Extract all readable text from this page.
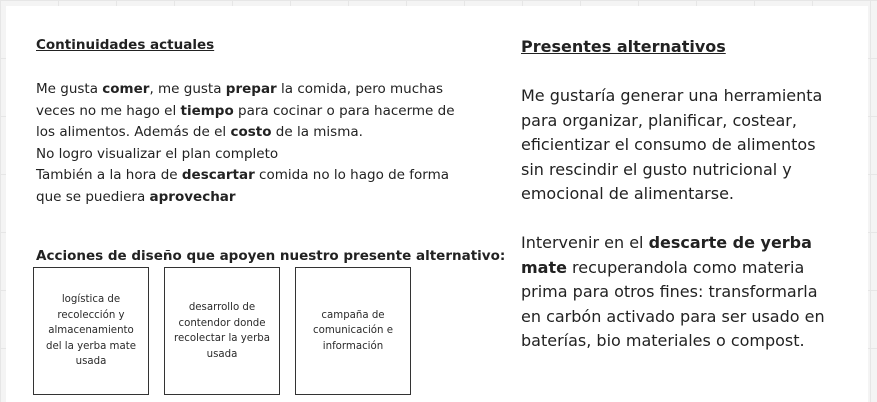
Continuidades actuales

Me gusta comer, me gusta prepar la comida, pero muchas

veces no me hago el tiempo para cocinar o para hacerme de

los alimentos. Además de el costo de la misma.

No logro visualizar el plan completo

También a la hora de descartar comida no lo hago de forma

que se puediera aprovechar

Acciones de diseño que apoyen nuestro presente alternativo:
logística de recolección y almacenamiento del la yerba mate usada
desarrollo de contendor donde recolectar la yerba usada
campaña de comunicación e información
Presentes alternativos

Me gustaría generar una herramienta

para organizar, planificar, costear,

eficientizar el consumo de alimentos

sin rescindir el gusto nutricional y

emocional de alimentarse.

Intervenir en el descarte de yerba

mate recuperandola como materia

prima para otros fines: transformarla

en carbón activado para ser usado en

baterías, bio materiales o compost.
